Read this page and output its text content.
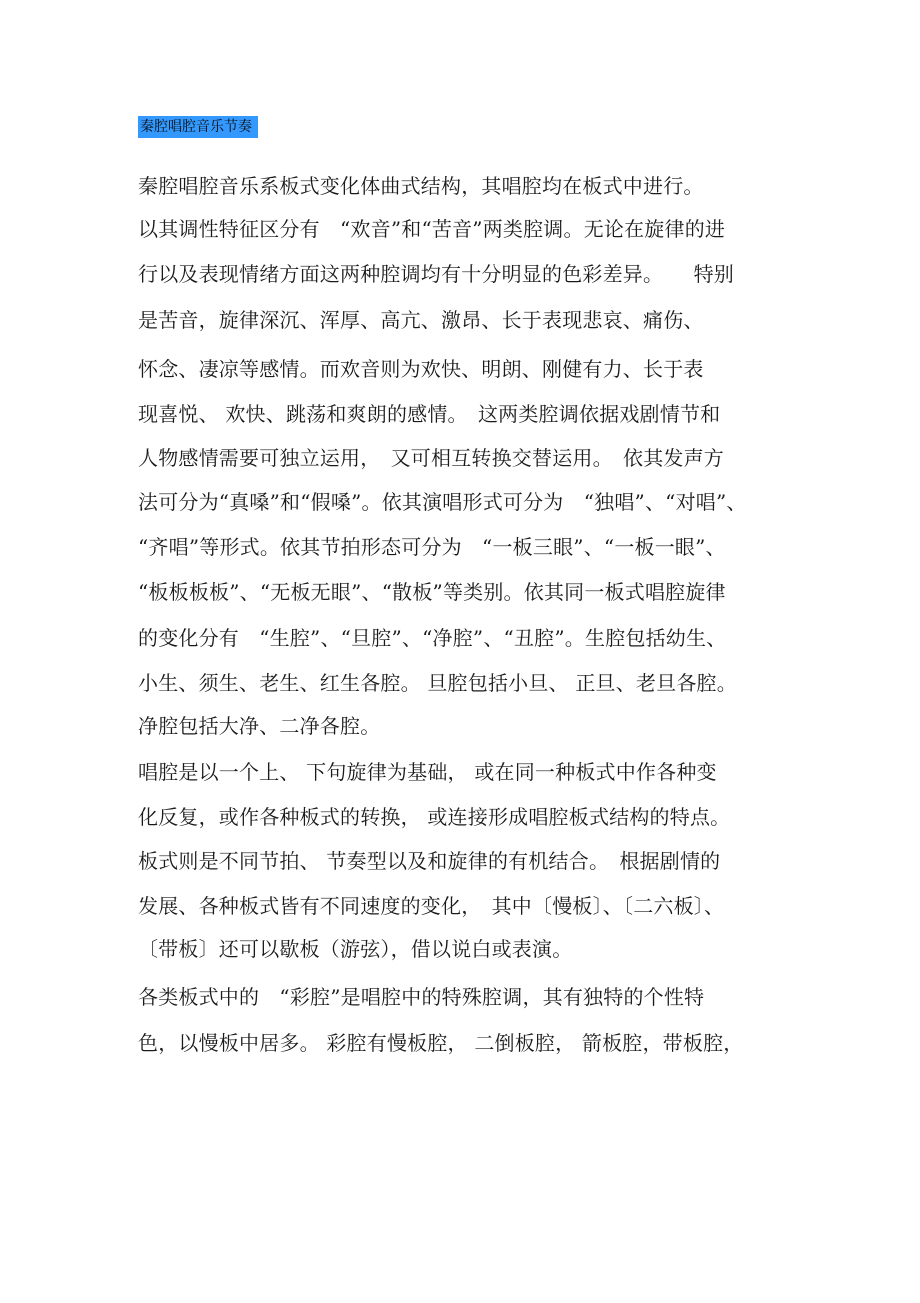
秦腔唱腔音乐节奏
秦腔唱腔音乐系板式变化体曲式结构，其唱腔均在板式中进行。
以其调性特征区分有　“欢音”和“苦音”两类腔调。无论在旋律的进
行以及表现情绪方面这两种腔调均有十分明显的色彩差异。　　特别
是苦音，旋律深沉、浑厚、高亢、激昂、长于表现悲哀、痛伤、
怀念、凄凉等感情。而欢音则为欢快、明朗、刚健有力、长于表
现喜悦、 欢快、跳荡和爽朗的感情。　这两类腔调依据戏剧情节和
人物感情需要可独立运用，　又可相互转换交替运用。　依其发声方
法可分为“真嗓”和“假嗓”。依其演唱形式可分为　“独唱”、“对唱”、
“齐唱”等形式。依其节拍形态可分为　“一板三眼”、“一板一眼”、
“板板板板”、“无板无眼”、“散板”等类别。依其同一板式唱腔旋律
的变化分有　“生腔”、“旦腔”、“净腔”、“丑腔”。生腔包括幼生、
小生、须生、老生、红生各腔。 旦腔包括小旦、 正旦、老旦各腔。
净腔包括大净、二净各腔。
唱腔是以一个上、 下句旋律为基础， 或在同一种板式中作各种变
化反复，或作各种板式的转换， 或连接形成唱腔板式结构的特点。
板式则是不同节拍、 节奏型以及和旋律的有机结合。　根据剧情的
发展、各种板式皆有不同速度的变化，　其中〔慢板〕、〔二六板〕、
〔带板〕还可以歇板（游弦），借以说白或表演。
各类板式中的　“彩腔”是唱腔中的特殊腔调，其有独特的个性特
色，以慢板中居多。 彩腔有慢板腔， 二倒板腔， 箭板腔，带板腔，
